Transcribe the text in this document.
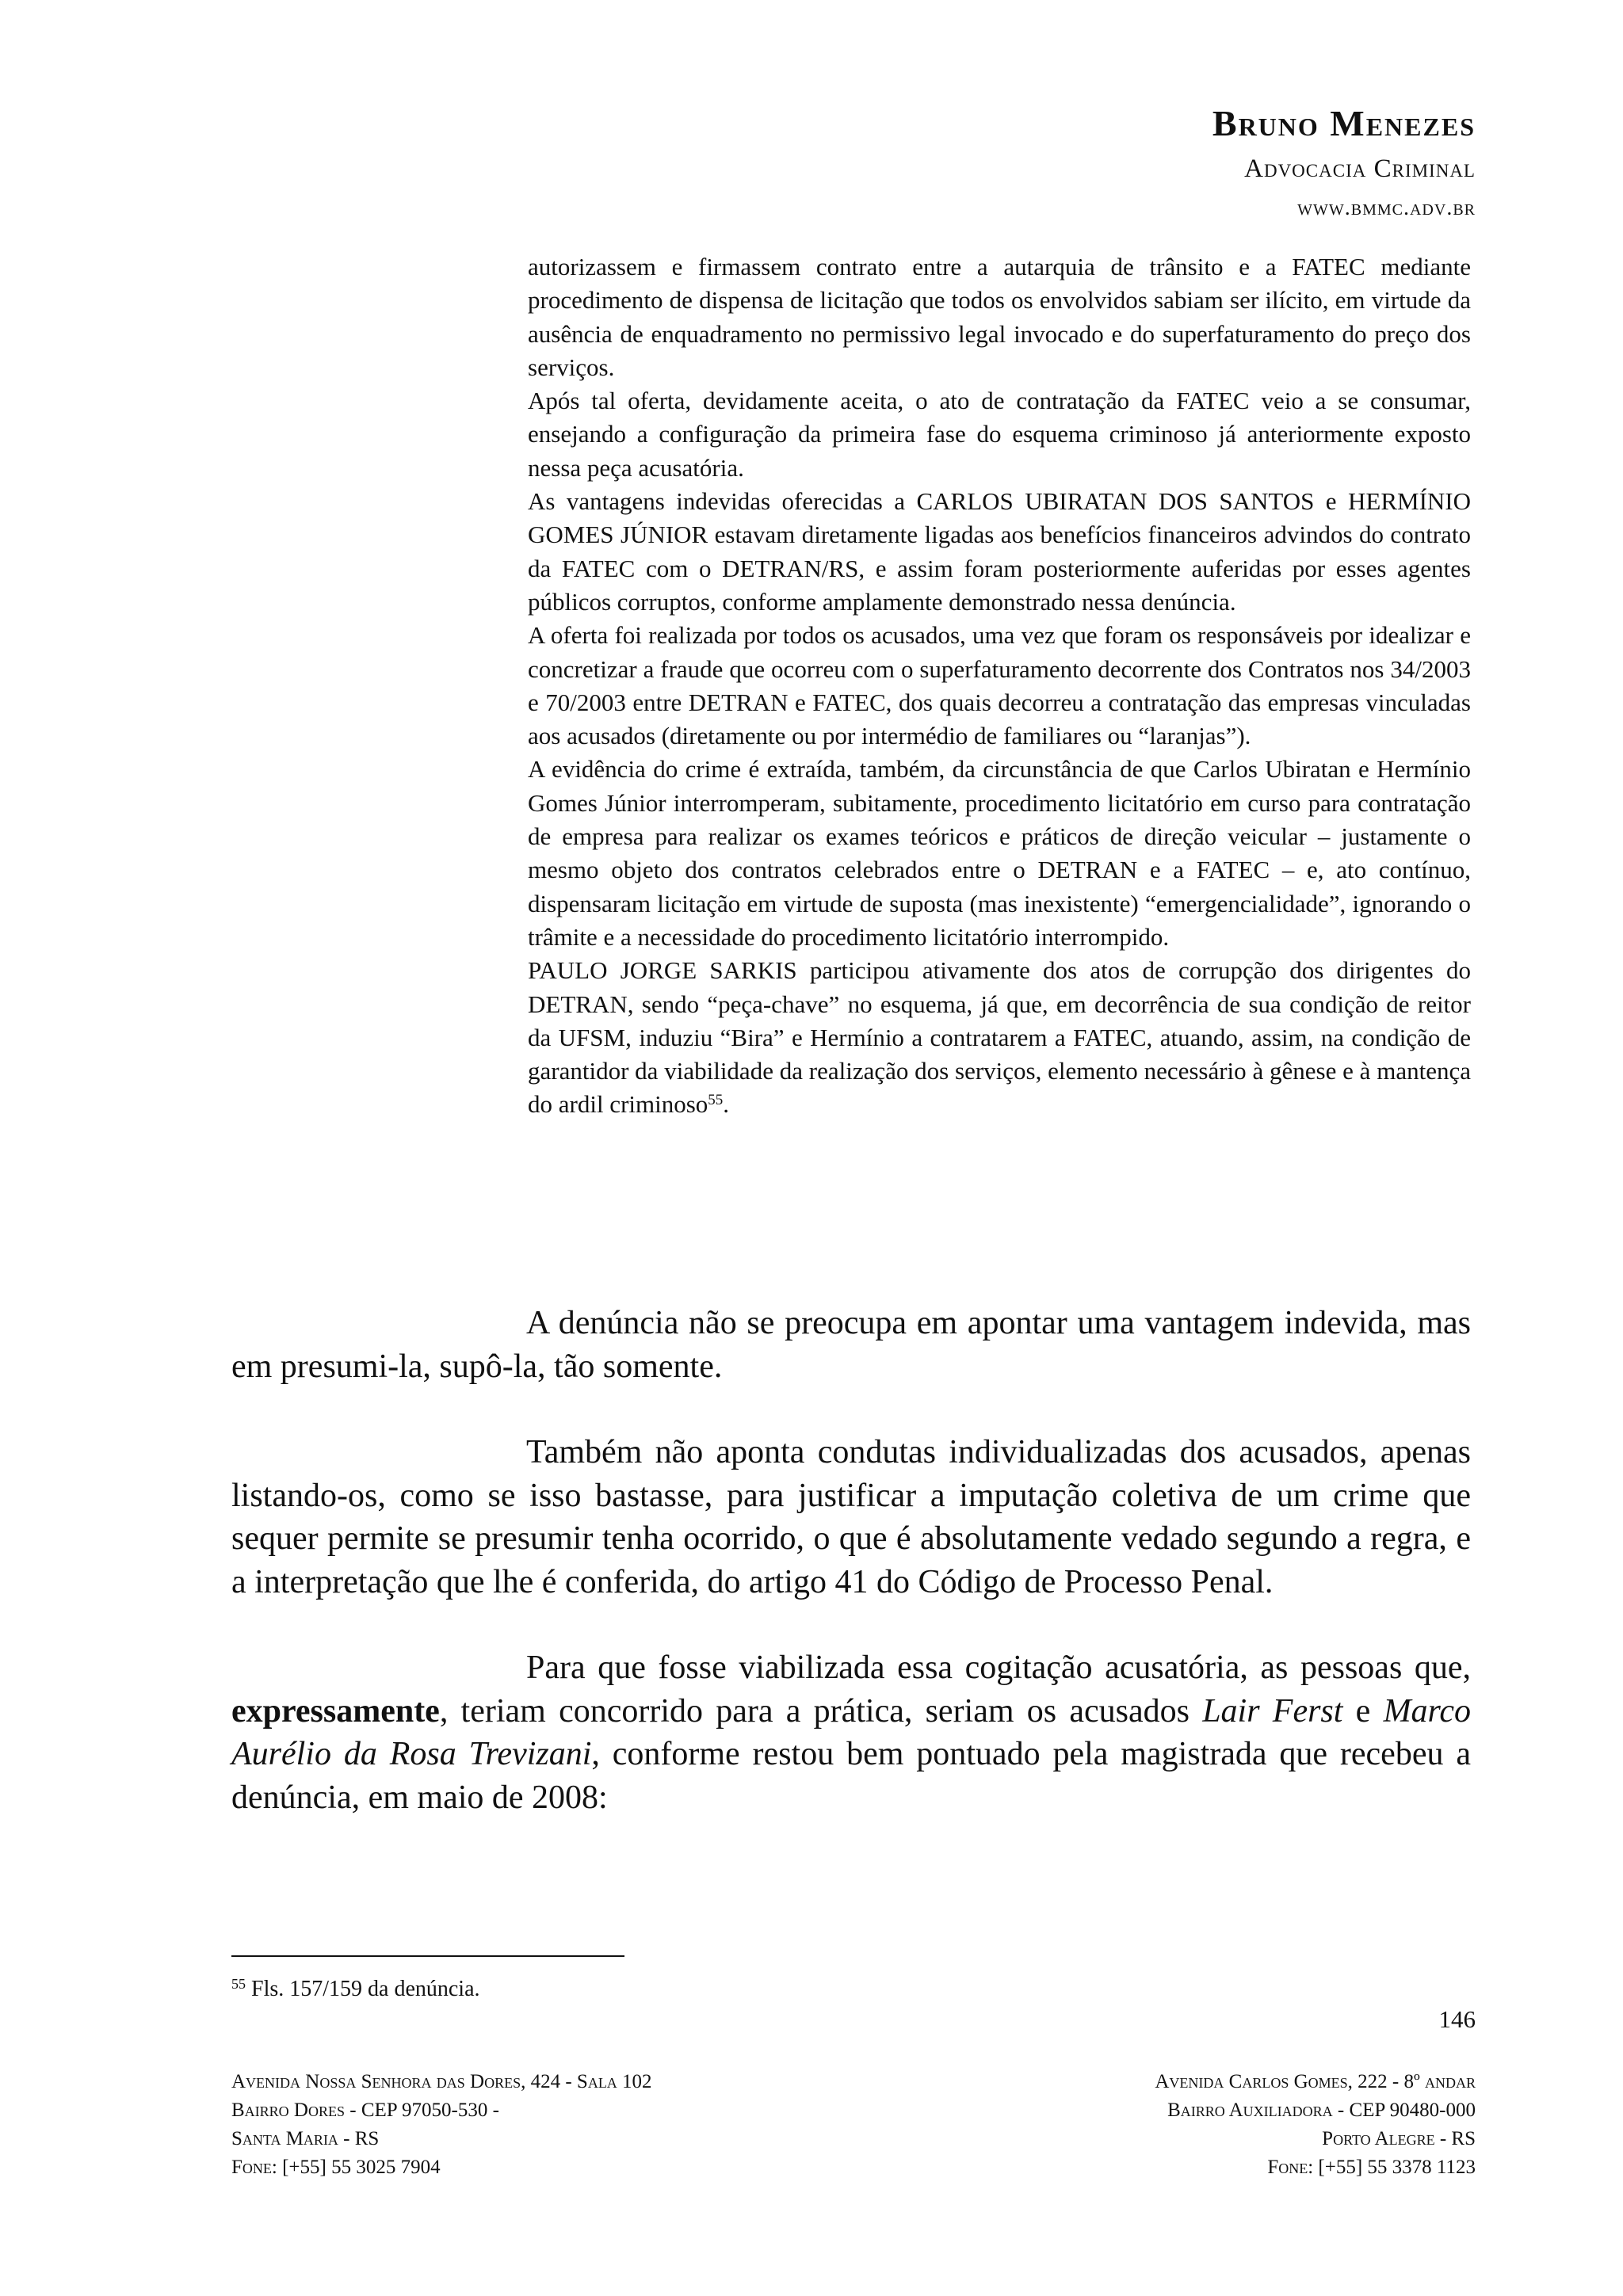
Bruno Menezes
Advocacia Criminal
www.bmmc.adv.br

autorizassem e firmassem contrato entre a autarquia de trânsito e a FATEC mediante procedimento de dispensa de licitação que todos os envolvidos sabiam ser ilícito, em virtude da ausência de enquadramento no permissivo legal invocado e do superfaturamento do preço dos serviços.

Após tal oferta, devidamente aceita, o ato de contratação da FATEC veio a se consumar, ensejando a configuração da primeira fase do esquema criminoso já anteriormente exposto nessa peça acusatória.

As vantagens indevidas oferecidas a CARLOS UBIRATAN DOS SANTOS e HERMÍNIO GOMES JÚNIOR estavam diretamente ligadas aos benefícios financeiros advindos do contrato da FATEC com o DETRAN/RS, e assim foram posteriormente auferidas por esses agentes públicos corruptos, conforme amplamente demonstrado nessa denúncia.

A oferta foi realizada por todos os acusados, uma vez que foram os responsáveis por idealizar e concretizar a fraude que ocorreu com o superfaturamento decorrente dos Contratos nos 34/2003 e 70/2003 entre DETRAN e FATEC, dos quais decorreu a contratação das empresas vinculadas aos acusados (diretamente ou por intermédio de familiares ou “laranjas”).

A evidência do crime é extraída, também, da circunstância de que Carlos Ubiratan e Hermínio Gomes Júnior interromperam, subitamente, procedimento licitatório em curso para contratação de empresa para realizar os exames teóricos e práticos de direção veicular – justamente o mesmo objeto dos contratos celebrados entre o DETRAN e a FATEC – e, ato contínuo, dispensaram licitação em virtude de suposta (mas inexistente) “emergencialidade”, ignorando o trâmite e a necessidade do procedimento licitatório interrompido.

PAULO JORGE SARKIS participou ativamente dos atos de corrupção dos dirigentes do DETRAN, sendo “peça-chave” no esquema, já que, em decorrência de sua condição de reitor da UFSM, induziu “Bira” e Hermínio a contratarem a FATEC, atuando, assim, na condição de garantidor da viabilidade da realização dos serviços, elemento necessário à gênese e à mantença do ardil criminoso$^{55}$.

A denúncia não se preocupa em apontar uma vantagem indevida, mas em presumi-la, supô-la, tão somente.

Também não aponta condutas individualizadas dos acusados, apenas listando-os, como se isso bastasse, para justificar a imputação coletiva de um crime que sequer permite se presumir tenha ocorrido, o que é absolutamente vedado segundo a regra, e a interpretação que lhe é conferida, do artigo 41 do Código de Processo Penal.

Para que fosse viabilizada essa cogitação acusatória, as pessoas que, expressamente, teriam concorrido para a prática, seriam os acusados Lair Ferst e Marco Aurélio da Rosa Trevizani, conforme restou bem pontuado pela magistrada que recebeu a denúncia, em maio de 2008:

$^{55}$ Fls. 157/159 da denúncia.
146
Avenida Nossa Senhora das Dores, 424 - Sala 102
Bairro Dores - CEP 97050-530 -
Santa Maria - RS
Fone: [+55] 55 3025 7904
Avenida Carlos Gomes, 222 - 8º andar
Bairro Auxiliadora - CEP 90480-000
Porto Alegre - RS
Fone: [+55] 55 3378 1123
